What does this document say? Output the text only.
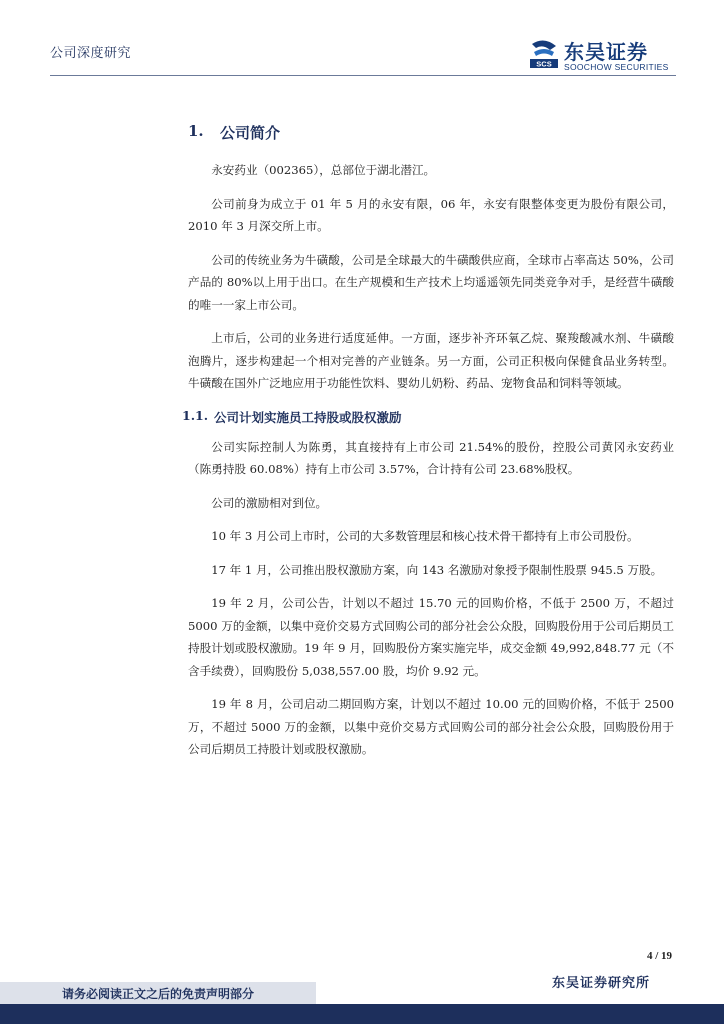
公司深度研究
SCS 东吴证券
SOOCHOW SECURITIES
1.	公司简介

永安药业（002365），总部位于湖北潜江。

公司前身为成立于 01 年 5 月的永安有限，06 年，永安有限整体变更为股份有限公司，2010 年 3 月深交所上市。

公司的传统业务为牛磺酸，公司是全球最大的牛磺酸供应商，全球市占率高达 50%，公司产品的 80%以上用于出口。在生产规模和生产技术上均遥遥领先同类竞争对手，是经营牛磺酸的唯一一家上市公司。

上市后，公司的业务进行适度延伸。一方面，逐步补齐环氧乙烷、聚羧酸减水剂、牛磺酸泡腾片，逐步构建起一个相对完善的产业链条。另一方面，公司正积极向保健食品业务转型。牛磺酸在国外广泛地应用于功能性饮料、婴幼儿奶粉、药品、宠物食品和饲料等领域。

1.1. 公司计划实施员工持股或股权激励

公司实际控制人为陈勇，其直接持有上市公司 21.54%的股份，控股公司黄冈永安药业（陈勇持股 60.08%）持有上市公司 3.57%，合计持有公司 23.68%股权。

公司的激励相对到位。

10 年 3 月公司上市时，公司的大多数管理层和核心技术骨干都持有上市公司股份。

17 年 1 月，公司推出股权激励方案，向 143 名激励对象授予限制性股票 945.5 万股。

19 年 2 月，公司公告，计划以不超过 15.70 元的回购价格，不低于 2500 万，不超过 5000 万的金额，以集中竞价交易方式回购公司的部分社会公众股，回购股份用于公司后期员工持股计划或股权激励。19 年 9 月，回购股份方案实施完毕，成交金额 49,992,848.77 元（不含手续费），回购股份 5,038,557.00 股，均价 9.92 元。

19 年 8 月，公司启动二期回购方案，计划以不超过 10.00 元的回购价格，不低于 2500 万，不超过 5000 万的金额，以集中竞价交易方式回购公司的部分社会公众股，回购股份用于公司后期员工持股计划或股权激励。

4 / 19
请务必阅读正文之后的免责声明部分
东吴证券研究所
